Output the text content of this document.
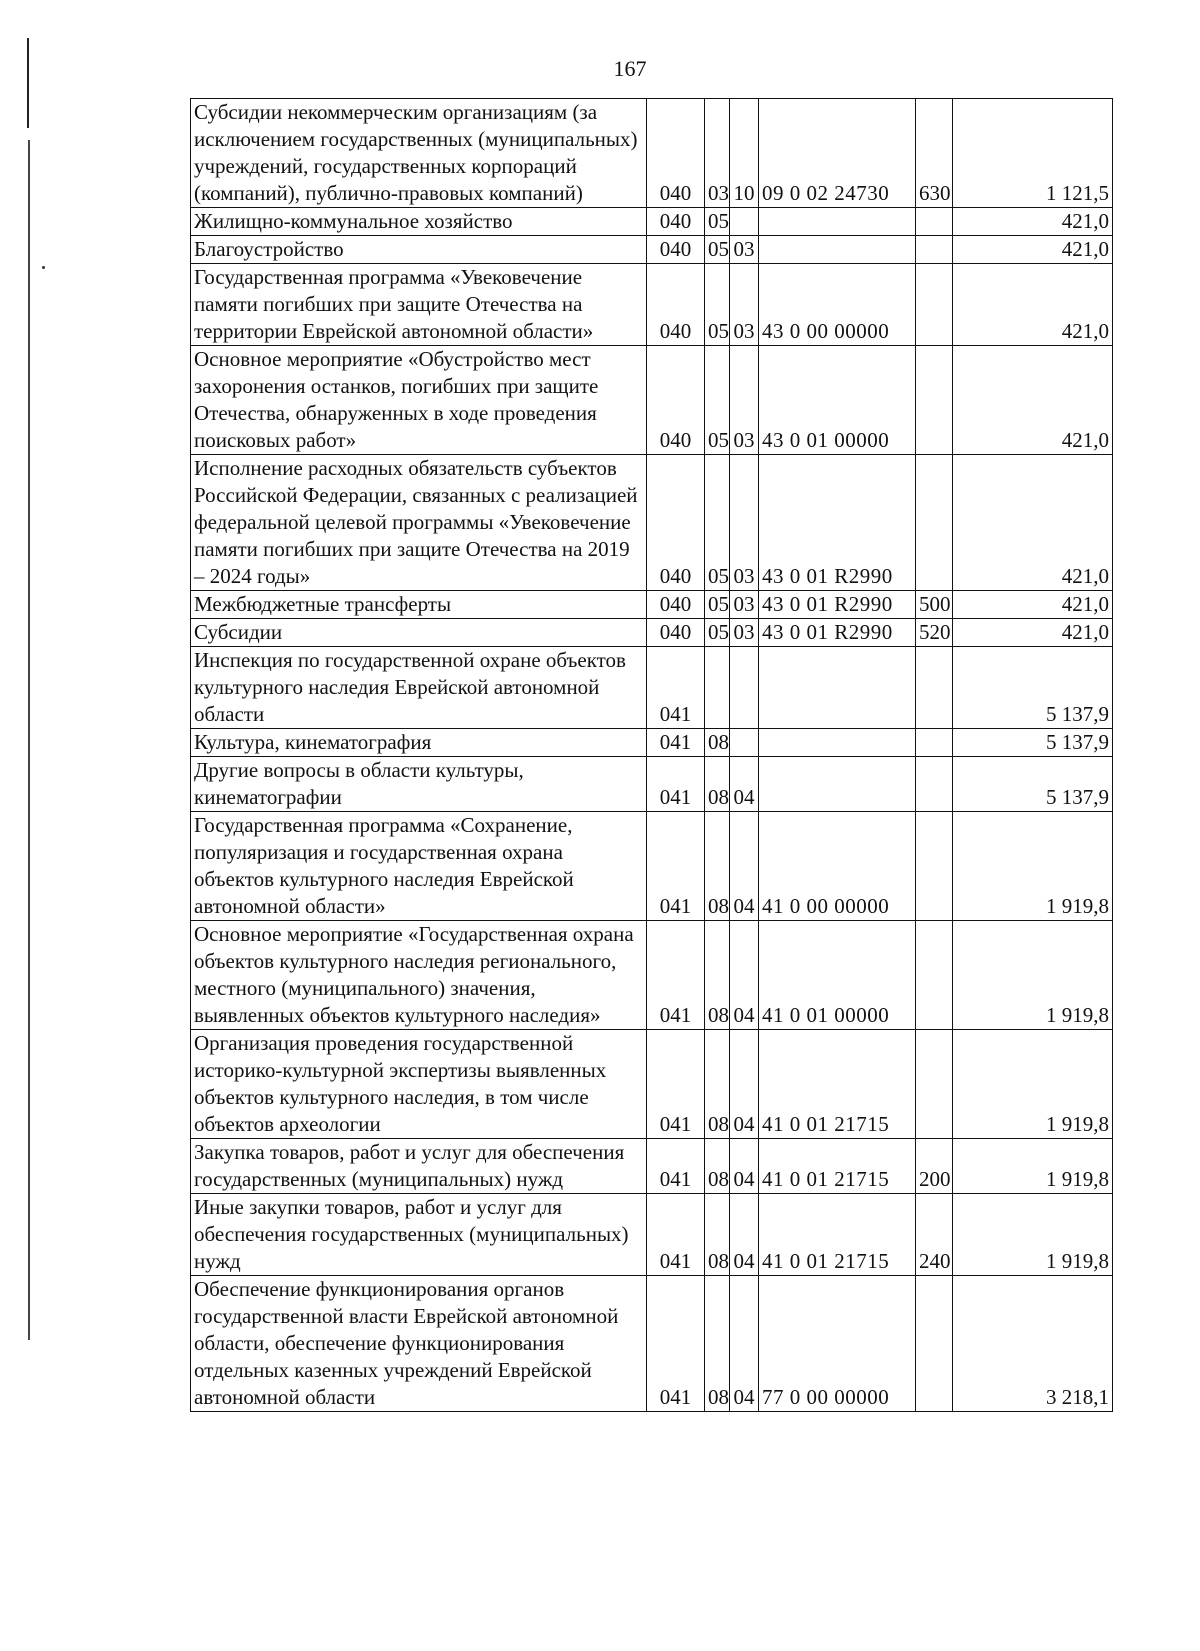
167
Субсидии некоммерческим организациям (за исключением государственных (муниципальных) учреждений, государственных корпораций (компаний), публично-правовых компаний)	040	03	10	09 0 02 24730	630	1 121,5
Жилищно-коммунальное хозяйство	040	05				421,0
Благоустройство	040	05	03			421,0
Государственная программа «Увековечение памяти погибших при защите Отечества на территории Еврейской автономной области»	040	05	03	43 0 00 00000		421,0
Основное мероприятие «Обустройство мест захоронения останков, погибших при защите Отечества, обнаруженных в ходе проведения поисковых работ»	040	05	03	43 0 01 00000		421,0
Исполнение расходных обязательств субъектов Российской Федерации, связанных с реализацией федеральной целевой программы «Увековечение памяти погибших при защите Отечества на 2019 – 2024 годы»	040	05	03	43 0 01 R2990		421,0
Межбюджетные трансферты	040	05	03	43 0 01 R2990	500	421,0
Субсидии	040	05	03	43 0 01 R2990	520	421,0
Инспекция по государственной охране объектов культурного наследия Еврейской автономной области	041					5 137,9
Культура, кинематография	041	08				5 137,9
Другие вопросы в области культуры, кинематографии	041	08	04			5 137,9
Государственная программа «Сохранение, популяризация и государственная охрана объектов культурного наследия Еврейской автономной области»	041	08	04	41 0 00 00000		1 919,8
Основное мероприятие «Государственная охрана объектов культурного наследия регионального, местного (муниципального) значения, выявленных объектов культурного наследия»	041	08	04	41 0 01 00000		1 919,8
Организация проведения государственной историко-культурной экспертизы выявленных объектов культурного наследия, в том числе объектов археологии	041	08	04	41 0 01 21715		1 919,8
Закупка товаров, работ и услуг для обеспечения государственных (муниципальных) нужд	041	08	04	41 0 01 21715	200	1 919,8
Иные закупки товаров, работ и услуг для обеспечения государственных (муниципальных) нужд	041	08	04	41 0 01 21715	240	1 919,8
Обеспечение функционирования органов государственной власти Еврейской автономной области, обеспечение функционирования отдельных казенных учреждений Еврейской автономной области	041	08	04	77 0 00 00000		3 218,1
